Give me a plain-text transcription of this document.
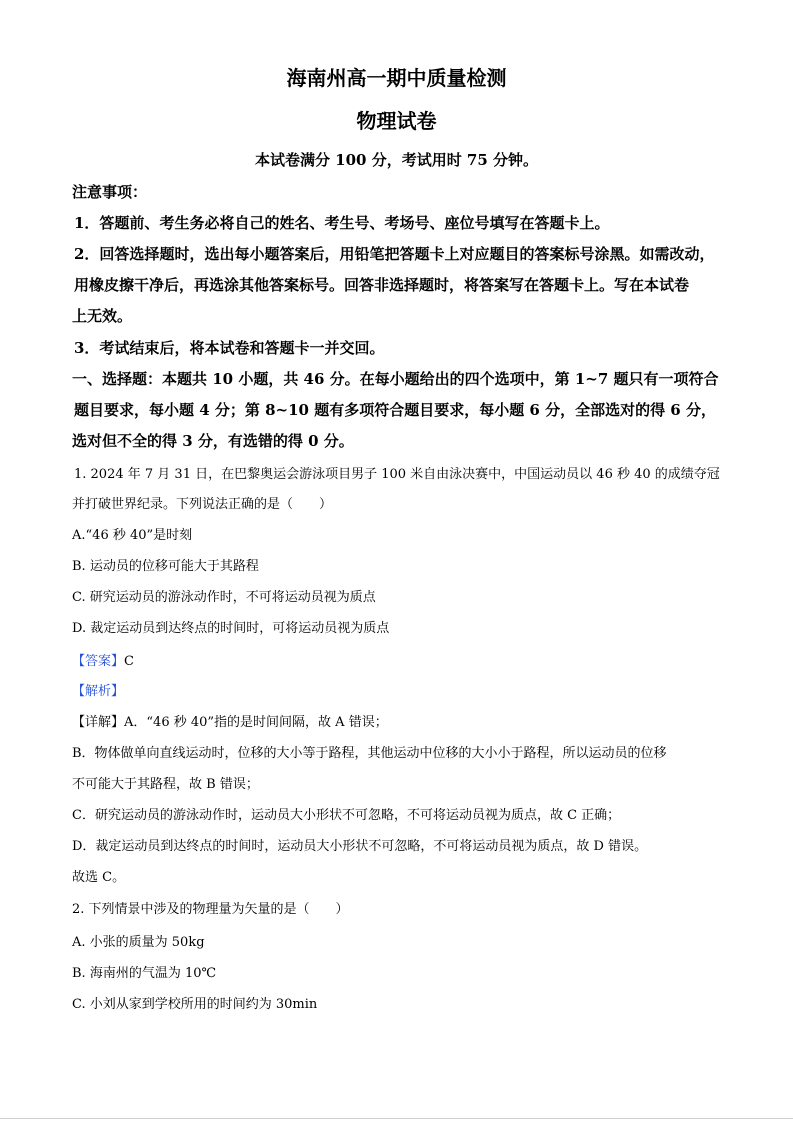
海南州高一期中质量检测
物理试卷
本试卷满分 100 分，考试用时 75 分钟。
注意事项：
1．答题前、考生务必将自己的姓名、考生号、考场号、座位号填写在答题卡上。
2．回答选择题时，选出每小题答案后，用铅笔把答题卡上对应题目的答案标号涂黑。如需改动，
用橡皮擦干净后，再选涂其他答案标号。回答非选择题时，将答案写在答题卡上。写在本试卷
上无效。
3．考试结束后，将本试卷和答题卡一并交回。
一、选择题：本题共 10 小题，共 46 分。在每小题给出的四个选项中，第 1~7 题只有一项符合
题目要求，每小题 4 分；第 8~10 题有多项符合题目要求，每小题 6 分，全部选对的得 6 分，
选对但不全的得 3 分，有选错的得 0 分。
1. 2024 年 7 月 31 日，在巴黎奥运会游泳项目男子 100 米自由泳决赛中，中国运动员以 46 秒 40 的成绩夺冠
并打破世界纪录。下列说法正确的是（　　）
A.“46 秒 40”是时刻
B. 运动员的位移可能大于其路程
C. 研究运动员的游泳动作时，不可将运动员视为质点
D. 裁定运动员到达终点的时间时，可将运动员视为质点
【答案】C
【解析】
【详解】A．“46 秒 40”指的是时间间隔，故 A 错误；
B．物体做单向直线运动时，位移的大小等于路程，其他运动中位移的大小小于路程，所以运动员的位移
不可能大于其路程，故 B 错误；
C．研究运动员的游泳动作时，运动员大小形状不可忽略，不可将运动员视为质点，故 C 正确；
D．裁定运动员到达终点的时间时，运动员大小形状不可忽略，不可将运动员视为质点，故 D 错误。
故选 C。
2. 下列情景中涉及的物理量为矢量的是（　　）
A. 小张的质量为 50kg
B. 海南州的气温为 10℃
C. 小刘从家到学校所用的时间约为 30min
